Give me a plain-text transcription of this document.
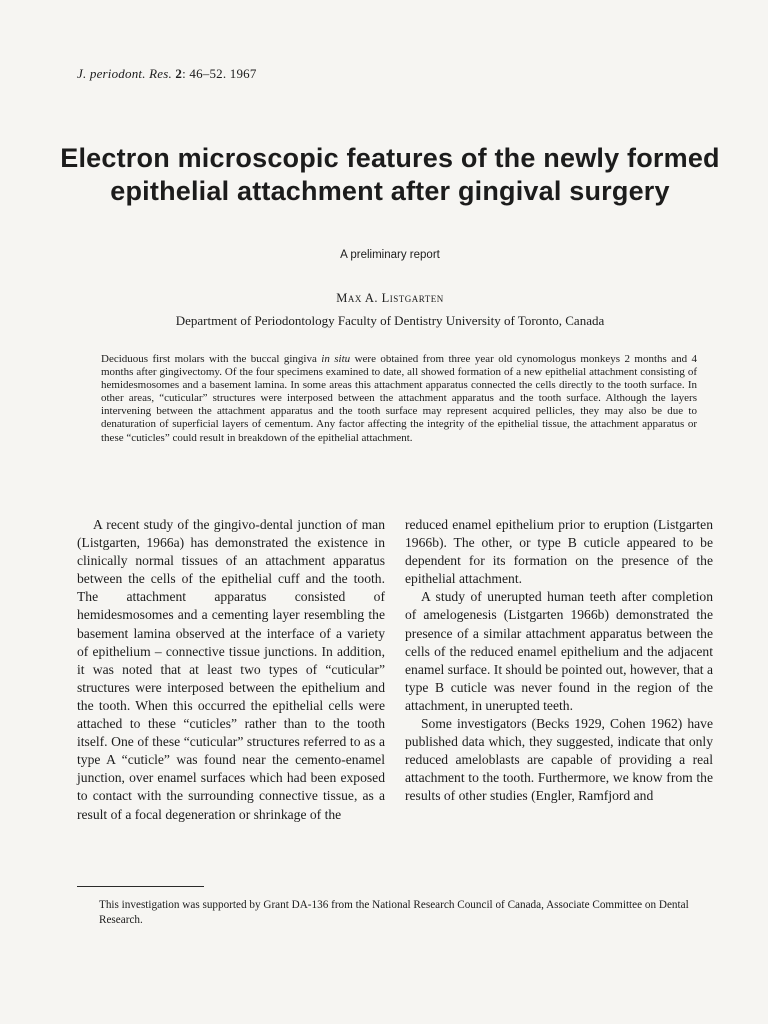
J. periodont. Res. 2: 46–52. 1967
Electron microscopic features of the newly formed epithelial attachment after gingival surgery
A preliminary report
Max A. Listgarten
Department of Periodontology Faculty of Dentistry University of Toronto, Canada
Deciduous first molars with the buccal gingiva in situ were obtained from three year old cynomologus monkeys 2 months and 4 months after gingivectomy. Of the four specimens examined to date, all showed formation of a new epithelial attachment consisting of hemidesmosomes and a basement lamina. In some areas this attachment apparatus connected the cells directly to the tooth surface. In other areas, “cuticular” structures were interposed between the attachment apparatus and the tooth surface. Although the layers intervening between the attachment apparatus and the tooth surface may represent acquired pellicles, they may also be due to denaturation of superficial layers of cementum. Any factor affecting the integrity of the epithelial tissue, the attachment apparatus or these “cuticles” could result in breakdown of the epithelial attachment.

A recent study of the gingivo-dental junction of man (Listgarten, 1966a) has demonstrated the existence in clinically normal tissues of an attachment apparatus between the cells of the epithelial cuff and the tooth. The attachment apparatus consisted of hemidesmosomes and a cementing layer resembling the basement lamina observed at the interface of a variety of epithelium – connective tissue junctions. In addition, it was noted that at least two types of “cuticular” structures were interposed between the epithelium and the tooth. When this occurred the epithelial cells were attached to these “cuticles” rather than to the tooth itself. One of these “cuticular” structures referred to as a type A “cuticle” was found near the cemento-enamel junction, over enamel surfaces which had been exposed to contact with the surrounding connective tissue, as a result of a focal degeneration or shrinkage of the

reduced enamel epithelium prior to eruption (Listgarten 1966b). The other, or type B cuticle appeared to be dependent for its formation on the presence of the epithelial attachment.

A study of unerupted human teeth after completion of amelogenesis (Listgarten 1966b) demonstrated the presence of a similar attachment apparatus between the cells of the reduced enamel epithelium and the adjacent enamel surface. It should be pointed out, however, that a type B cuticle was never found in the region of the attachment, in unerupted teeth.

Some investigators (Becks 1929, Cohen 1962) have published data which, they suggested, indicate that only reduced ameloblasts are capable of providing a real attachment to the tooth. Furthermore, we know from the results of other studies (Engler, Ramfjord and

This investigation was supported by Grant DA-136 from the National Research Council of Canada, Associate Committee on Dental Research.
